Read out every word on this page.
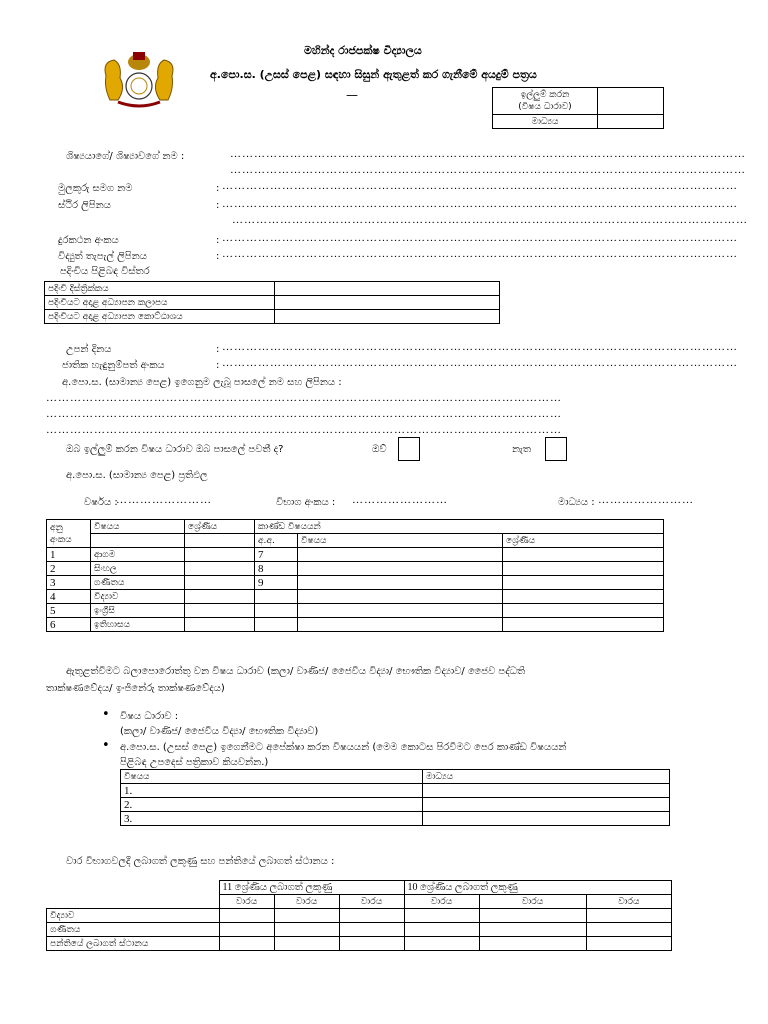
මහින්ද රාජපක්ෂ විද්‍යාලය
අ.පො.ස. (උසස් පෙළ) සඳහා සිසුන් ඇතුළත් කර ගැනීමේ අයදුම් පත්‍රය
—	ඉල්ලුම් කරන
(විෂය ධාරාව)	
මාධ්‍යය	
ශිෂ්‍යයාගේ/ ශිෂ්‍යාවගේ නම :	…………………………………………………………………………………………………………………
…………………………………………………………………………………………………………………
මුලකුරු සමග නම	: …………………………………………………………………………………………………………………
ස්ථිර ලිපිනය	: …………………………………………………………………………………………………………………
…………………………………………………………………………………………………………………
දුරකථන අංකය	: …………………………………………………………………………………………………………………
විද්‍යුත් තැපැල් ලිපිනය	: …………………………………………………………………………………………………………………
පදිංචිය පිළිබඳ විස්තර
පදිංචි දිස්ත්‍රික්කය	
පදිංචියට අදාළ අධ්‍යාපන කලාපය	
පදිංචියට අදාළ අධ්‍යාපන කොට්ඨාශය	
උපන් දිනය	: …………………………………………………………………………………………………………………
ජාතික හැඳුනුම්පත් අංකය	: …………………………………………………………………………………………………………………
අ.පො.ස. (සාමාන්‍ය පෙළ) ඉගෙනුම ලැබූ පාසලේ නම සහ ලිපිනය :
…………………………………………………………………………………………………………………
…………………………………………………………………………………………………………………
…………………………………………………………………………………………………………………
ඔබ ඉල්ලුම් කරන විෂය ධාරාව ඔබ පාසලේ පවතී ද?	ඔව්	නැත
අ.පො.ස. (සාමාන්‍ය පෙළ) ප්‍රතිඵල
වර්ෂය :
……………………	විභාග අංකය : ……………………	මාධ්‍යය : ……………………
අනු
අංකය	විෂයය	ශ්‍රේණිය	කාණ්ඩ විෂයයන්		
			අ.අ.	විෂයය	ශ්‍රේණිය
1	ආගම		7		
2	සිංහල		8		
3	ගණිතය		9		
4	විද්‍යාව				
5	ඉංග්‍රීසි				
6	ඉතිහාසය				
ඇතුළත්වීමට බලාපොරොත්තු වන විෂය ධාරාව (කලා/ වාණිජ/ ජෛවීය විද්‍යා/ භෞතික විද්‍යාව/ ජෛව පද්ධති
තාක්ෂණවේදය/ ඉංජිනේරු තාක්ෂණවේදය)
• විෂය ධාරාව :
(කලා/ වාණිජ/ ජෛවීය විද්‍යා/ භෞතික විද්‍යාව)
• අ.පො.ස. (උසස් පෙළ) ඉගෙනීමට අපේක්ෂා කරන විෂයයන් (මෙම කොටස පිරවීමට පෙර කාණ්ඩ විෂයයන්
පිළිබඳ උපදෙස් පත්‍රිකාව කියවන්න.)
විෂයය	මාධ්‍යය
1.	
2.	
3.	
වාර විභාගවලදී ලබාගත් ලකුණු සහ පන්තියේ ලබාගත් ස්ථානය :
	11 ශ්‍රේණිය ලබාගත් ලකුණු			10 ශ්‍රේණිය ලබාගත් ලකුණු		
	වාරය	වාරය	වාරය	වාරය	වාරය	වාරය
විද්‍යාව						
ගණිතය						
පන්තියේ ලබාගත් ස්ථානය						
